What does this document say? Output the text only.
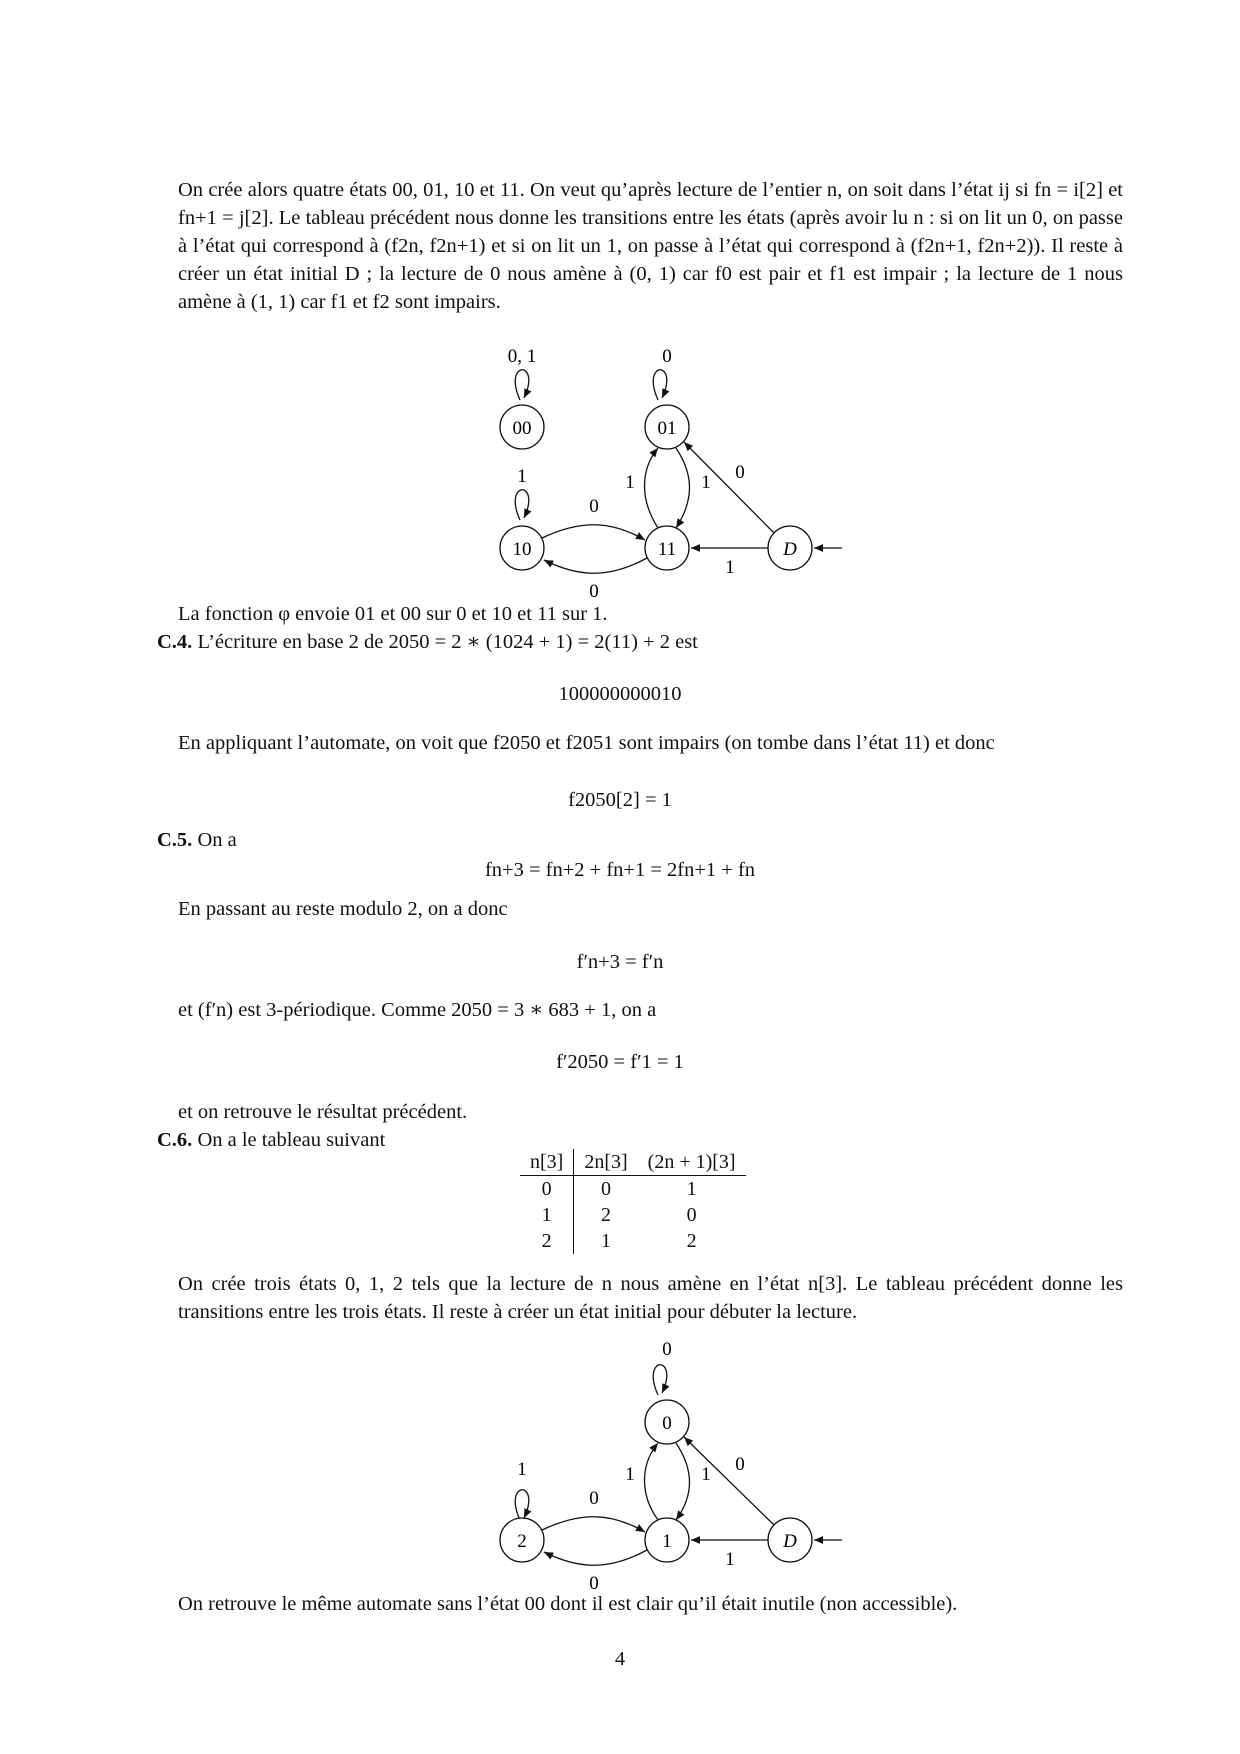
On crée alors quatre états 00, 01, 10 et 11. On veut qu’après lecture de l’entier n, on soit dans l’état ij si fn = i[2] et fn+1 = j[2]. Le tableau précédent nous donne les transitions entre les états (après avoir lu n : si on lit un 0, on passe à l’état qui correspond à (f2n, f2n+1) et si on lit un 1, on passe à l’état qui correspond à (f2n+1, f2n+2)). Il reste à créer un état initial D ; la lecture de 0 nous amène à (0, 1) car f0 est pair et f1 est impair ; la lecture de 1 nous amène à (1, 1) car f1 et f2 sont impairs.
00	01
10	11	D
0, 1	0
1	1	1 0
0
0
1
La fonction φ envoie 01 et 00 sur 0 et 10 et 11 sur 1.
C.4. L’écriture en base 2 de 2050 = 2 ∗ (1024 + 1) = 2(11) + 2 est
100000000010
En appliquant l’automate, on voit que f2050 et f2051 sont impairs (on tombe dans l’état 11) et donc
f2050[2] = 1
C.5. On a
fn+3 = fn+2 + fn+1 = 2fn+1 + fn
En passant au reste modulo 2, on a donc
f′n+3 = f′n
et (f′n) est 3-périodique. Comme 2050 = 3 ∗ 683 + 1, on a
f′2050 = f′1 = 1
et on retrouve le résultat précédent.
C.6. On a le tableau suivant
n[3]	2n[3]	(2n + 1)[3]
0	0	1
1	2	0
2	1	2
On crée trois états 0, 1, 2 tels que la lecture de n nous amène en l’état n[3]. Le tableau précédent donne les transitions entre les trois états. Il reste à créer un état initial pour débuter la lecture.
0
1
2	D
0
1	1	1 0
0
0
1
On retrouve le même automate sans l’état 00 dont il est clair qu’il était inutile (non accessible).
4
